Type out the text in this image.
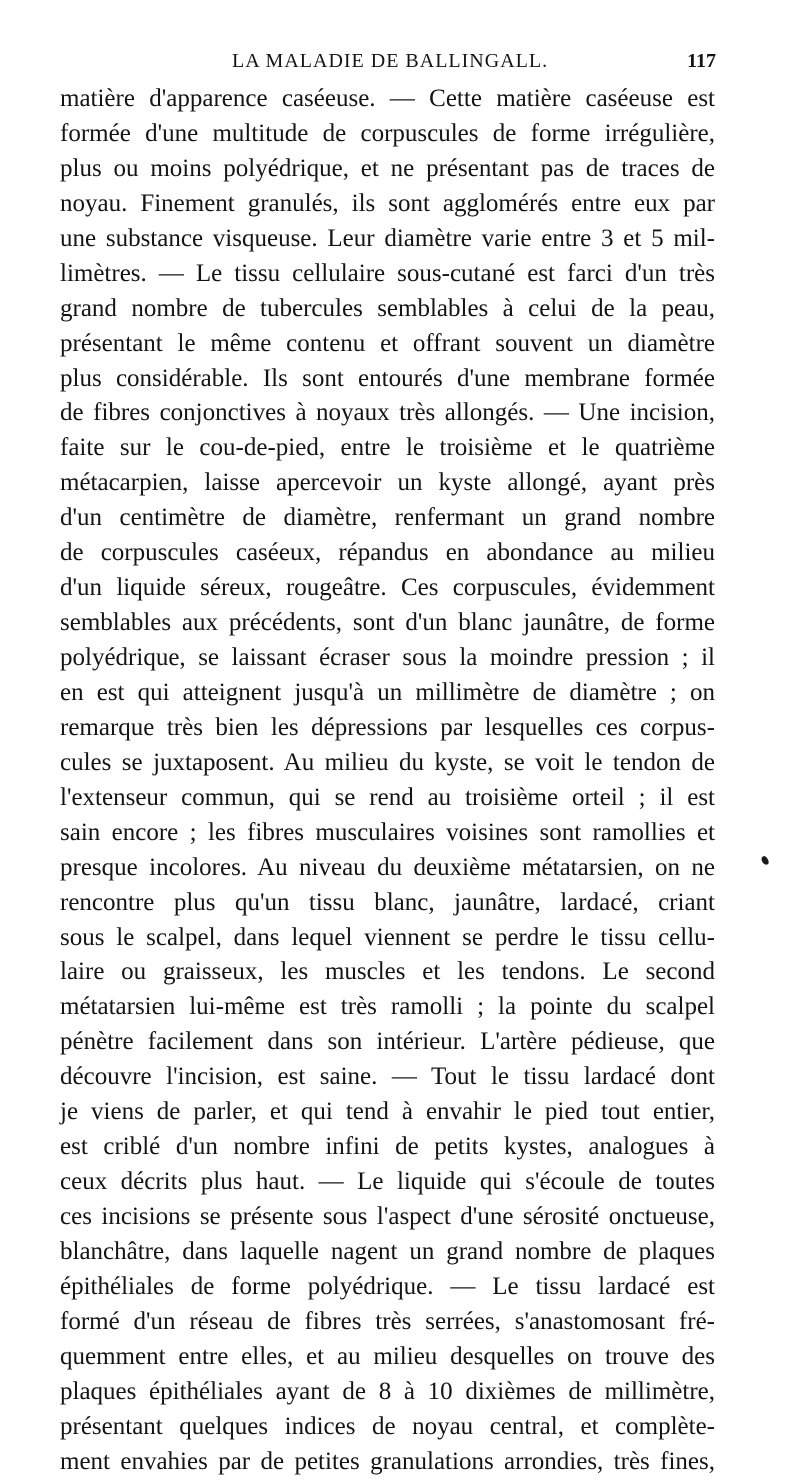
LA MALADIE DE BALLINGALL.	117
matière d'apparence caséeuse. — Cette matière caséeuse est
formée d'une multitude de corpuscules de forme irrégulière,
plus ou moins polyédrique, et ne présentant pas de traces de
noyau. Finement granulés, ils sont agglomérés entre eux par
une substance visqueuse. Leur diamètre varie entre 3 et 5 mil-
limètres. — Le tissu cellulaire sous-cutané est farci d'un très
grand nombre de tubercules semblables à celui de la peau,
présentant le même contenu et offrant souvent un diamètre
plus considérable. Ils sont entourés d'une membrane formée
de fibres conjonctives à noyaux très allongés. — Une incision,
faite sur le cou-de-pied, entre le troisième et le quatrième
métacarpien, laisse apercevoir un kyste allongé, ayant près
d'un centimètre de diamètre, renfermant un grand nombre
de corpuscules caséeux, répandus en abondance au milieu
d'un liquide séreux, rougeâtre. Ces corpuscules, évidemment
semblables aux précédents, sont d'un blanc jaunâtre, de forme
polyédrique, se laissant écraser sous la moindre pression ; il
en est qui atteignent jusqu'à un millimètre de diamètre ; on
remarque très bien les dépressions par lesquelles ces corpus-
cules se juxtaposent. Au milieu du kyste, se voit le tendon de
l'extenseur commun, qui se rend au troisième orteil ; il est
sain encore ; les fibres musculaires voisines sont ramollies et
presque incolores. Au niveau du deuxième métatarsien, on ne
rencontre plus qu'un tissu blanc, jaunâtre, lardacé, criant
sous le scalpel, dans lequel viennent se perdre le tissu cellu-
laire ou graisseux, les muscles et les tendons. Le second
métatarsien lui-même est très ramolli ; la pointe du scalpel
pénètre facilement dans son intérieur. L'artère pédieuse, que
découvre l'incision, est saine. — Tout le tissu lardacé dont
je viens de parler, et qui tend à envahir le pied tout entier,
est criblé d'un nombre infini de petits kystes, analogues à
ceux décrits plus haut. — Le liquide qui s'écoule de toutes
ces incisions se présente sous l'aspect d'une sérosité onctueuse,
blanchâtre, dans laquelle nagent un grand nombre de plaques
épithéliales de forme polyédrique. — Le tissu lardacé est
formé d'un réseau de fibres très serrées, s'anastomosant fré-
quemment entre elles, et au milieu desquelles on trouve des
plaques épithéliales ayant de 8 à 10 dixièmes de millimètre,
présentant quelques indices de noyau central, et complète-
ment envahies par de petites granulations arrondies, très fines,
